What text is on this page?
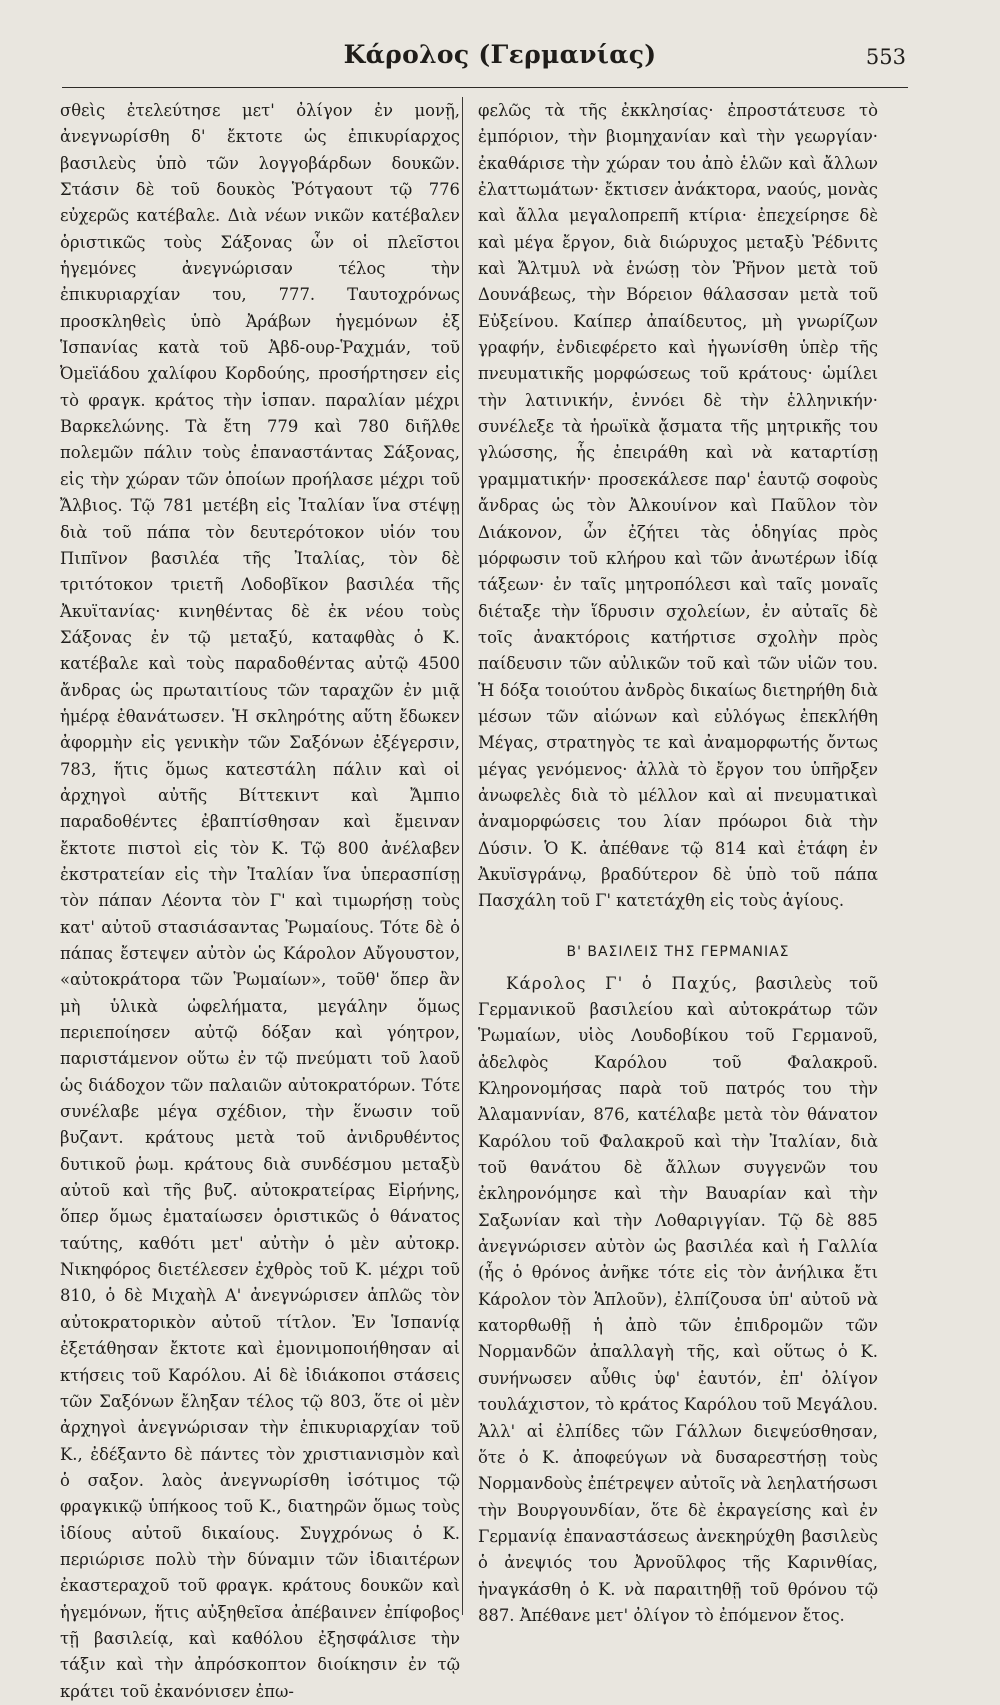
Κάρολος (Γερμανίας)	553

σθεὶς ἐτελεύτησε μετ' ὀλίγον ἐν μονῇ, ἀνεγνωρίσθη δ' ἔκτοτε ὡς ἐπικυρίαρχος βασιλεὺς ὑπὸ τῶν λογγοβάρδων δουκῶν. Στάσιν δὲ τοῦ δουκὸς Ῥότγαουτ τῷ 776 εὐχερῶς κατέβαλε. Διὰ νέων νικῶν κατέβαλεν ὁριστικῶς τοὺς Σάξονας ὧν οἱ πλεῖστοι ἡγεμόνες ἀνεγνώρισαν τέλος τὴν ἐπικυριαρχίαν του, 777. Ταυτοχρόνως προσκληθεὶς ὑπὸ Ἀράβων ἡγεμόνων ἐξ Ἱσπανίας κατὰ τοῦ Ἀβδ-ουρ-Ῥαχμάν, τοῦ Ὀμεϊάδου χαλίφου Κορδούης, προσήρτησεν εἰς τὸ φραγκ. κράτος τὴν ἱσπαν. παραλίαν μέχρι Βαρκελώνης. Τὰ ἔτη 779 καὶ 780 διῆλθε πολεμῶν πάλιν τοὺς ἐπαναστάντας Σάξονας, εἰς τὴν χώραν τῶν ὁποίων προήλασε μέχρι τοῦ Ἄλβιος. Τῷ 781 μετέβη εἰς Ἰταλίαν ἵνα στέψῃ διὰ τοῦ πάπα τὸν δευτερότοκον υἱόν του Πιπῖνον βασιλέα τῆς Ἰταλίας, τὸν δὲ τριτότοκον τριετῆ Λοδοβῖκον βασιλέα τῆς Ἀκυϊτανίας· κινηθέντας δὲ ἐκ νέου τοὺς Σάξονας ἐν τῷ μεταξύ, καταφθὰς ὁ Κ. κατέβαλε καὶ τοὺς παραδοθέντας αὐτῷ 4500 ἄνδρας ὡς πρωταιτίους τῶν ταραχῶν ἐν μιᾷ ἡμέρᾳ ἐθανάτωσεν. Ἡ σκληρότης αὕτη ἔδωκεν ἀφορμὴν εἰς γενικὴν τῶν Σαξόνων ἐξέγερσιν, 783, ἥτις ὅμως κατεστάλη πάλιν καὶ οἱ ἀρχηγοὶ αὐτῆς Βίττεκιντ καὶ Ἄμπιο παραδοθέντες ἐβαπτίσθησαν καὶ ἔμειναν ἔκτοτε πιστοὶ εἰς τὸν Κ. Τῷ 800 ἀνέλαβεν ἐκστρατείαν εἰς τὴν Ἰταλίαν ἵνα ὑπερασπίσῃ τὸν πάπαν Λέοντα τὸν Γ' καὶ τιμωρήσῃ τοὺς κατ' αὐτοῦ στασιάσαντας Ῥωμαίους. Τότε δὲ ὁ πάπας ἔστεψεν αὐτὸν ὡς Κάρολον Αὔγουστον, «αὐτοκράτορα τῶν Ῥωμαίων», τοῦθ' ὅπερ ἂν μὴ ὑλικὰ ὠφελήματα, μεγάλην ὅμως περιεποίησεν αὐτῷ δόξαν καὶ γόητρον, παριστάμενον οὕτω ἐν τῷ πνεύματι τοῦ λαοῦ ὡς διάδοχον τῶν παλαιῶν αὐτοκρατόρων. Τότε συνέλαβε μέγα σχέδιον, τὴν ἕνωσιν τοῦ βυζαντ. κράτους μετὰ τοῦ ἀνιδρυθέντος δυτικοῦ ῥωμ. κράτους διὰ συνδέσμου μεταξὺ αὐτοῦ καὶ τῆς βυζ. αὐτοκρατείρας Εἰρήνης, ὅπερ ὅμως ἐματαίωσεν ὁριστικῶς ὁ θάνατος ταύτης, καθότι μετ' αὐτὴν ὁ μὲν αὐτοκρ. Νικηφόρος διετέλεσεν ἐχθρὸς τοῦ Κ. μέχρι τοῦ 810, ὁ δὲ Μιχαὴλ Α' ἀνεγνώρισεν ἁπλῶς τὸν αὐτοκρατορικὸν αὐτοῦ τίτλον. Ἐν Ἱσπανίᾳ ἐξετάθησαν ἔκτοτε καὶ ἐμονιμοποιήθησαν αἱ κτήσεις τοῦ Καρόλου. Αἱ δὲ ἰδιάκοποι στάσεις τῶν Σαξόνων ἔληξαν τέλος τῷ 803, ὅτε οἱ μὲν ἀρχηγοὶ ἀνεγνώρισαν τὴν ἐπικυριαρχίαν τοῦ Κ., ἐδέξαντο δὲ πάντες τὸν χριστιανισμὸν καὶ ὁ σαξον. λαὸς ἀνεγνωρίσθη ἰσότιμος τῷ φραγκικῷ ὑπήκοος τοῦ Κ., διατηρῶν ὅμως τοὺς ἰδίους αὐτοῦ δικαίους. Συγχρόνως ὁ Κ. περιώρισε πολὺ τὴν δύναμιν τῶν ἰδιαιτέρων ἐκαστεραχοῦ τοῦ φραγκ. κράτους δουκῶν καὶ ἡγεμόνων, ἥτις αὐξηθεῖσα ἀπέβαινεν ἐπίφοβος τῇ βασιλείᾳ, καὶ καθόλου ἐξησφάλισε τὴν τάξιν καὶ τὴν ἀπρόσκοπτον διοίκησιν ἐν τῷ κράτει τοῦ ἐκανόνισεν ἐπω-

φελῶς τὰ τῆς ἐκκλησίας· ἐπροστάτευσε τὸ ἐμπόριον, τὴν βιομηχανίαν καὶ τὴν γεωργίαν· ἐκαθάρισε τὴν χώραν του ἀπὸ ἑλῶν καὶ ἄλλων ἐλαττωμάτων· ἔκτισεν ἀνάκτορα, ναούς, μονὰς καὶ ἄλλα μεγαλοπρεπῆ κτίρια· ἐπεχείρησε δὲ καὶ μέγα ἔργον, διὰ διώρυχος μεταξὺ Ῥέδνιτς καὶ Ἄλτμυλ νὰ ἑνώσῃ τὸν Ῥῆνον μετὰ τοῦ Δουνάβεως, τὴν Βόρειον θάλασσαν μετὰ τοῦ Εὐξείνου. Καίπερ ἀπαίδευτος, μὴ γνωρίζων γραφήν, ἐνδιεφέρετο καὶ ἠγωνίσθη ὑπὲρ τῆς πνευματικῆς μορφώσεως τοῦ κράτους· ὡμίλει τὴν λατινικήν, ἐννόει δὲ τὴν ἑλληνικήν· συνέλεξε τὰ ἡρωϊκὰ ᾄσματα τῆς μητρικῆς του γλώσσης, ἧς ἐπειράθη καὶ νὰ καταρτίσῃ γραμματικήν· προσεκάλεσε παρ' ἑαυτῷ σοφοὺς ἄνδρας ὡς τὸν Ἀλκουίνον καὶ Παῦλον τὸν Διάκονον, ὧν ἐζήτει τὰς ὁδηγίας πρὸς μόρφωσιν τοῦ κλήρου καὶ τῶν ἀνωτέρων ἰδίᾳ τάξεων· ἐν ταῖς μητροπόλεσι καὶ ταῖς μοναῖς διέταξε τὴν ἵδρυσιν σχολείων, ἐν αὐταῖς δὲ τοῖς ἀνακτόροις κατήρτισε σχολὴν πρὸς παίδευσιν τῶν αὐλικῶν τοῦ καὶ τῶν υἱῶν του. Ἡ δόξα τοιούτου ἀνδρὸς δικαίως διετηρήθη διὰ μέσων τῶν αἰώνων καὶ εὐλόγως ἐπεκλήθη Μέγας, στρατηγὸς τε καὶ ἀναμορφωτής ὄντως μέγας γενόμενος· ἀλλὰ τὸ ἔργον του ὑπῆρξεν ἀνωφελὲς διὰ τὸ μέλλον καὶ αἱ πνευματικαὶ ἀναμορφώσεις του λίαν πρόωροι διὰ τὴν Δύσιν. Ὁ Κ. ἀπέθανε τῷ 814 καὶ ἐτάφη ἐν Ἀκυϊσγράνῳ, βραδύτερον δὲ ὑπὸ τοῦ πάπα Πασχάλη τοῦ Γ' κατετάχθη εἰς τοὺς ἁγίους.

Β' ΒΑΣΙΛΕΙΣ ΤΗΣ ΓΕΡΜΑΝΙΑΣ

Κάρολος Γ' ὁ Παχύς, βασιλεὺς τοῦ Γερμανικοῦ βασιλείου καὶ αὐτοκράτωρ τῶν Ῥωμαίων, υἱὸς Λουδοβίκου τοῦ Γερμανοῦ, ἀδελφὸς Καρόλου τοῦ Φαλακροῦ. Κληρονομήσας παρὰ τοῦ πατρός του τὴν Ἀλαμαννίαν, 876, κατέλαβε μετὰ τὸν θάνατον Καρόλου τοῦ Φαλακροῦ καὶ τὴν Ἰταλίαν, διὰ τοῦ θανάτου δὲ ἄλλων συγγενῶν του ἐκληρονόμησε καὶ τὴν Βαυαρίαν καὶ τὴν Σαξωνίαν καὶ τὴν Λοθαριγγίαν. Τῷ δὲ 885 ἀνεγνώρισεν αὐτὸν ὡς βασιλέα καὶ ἡ Γαλλία (ἧς ὁ θρόνος ἀνῆκε τότε εἰς τὸν ἀνήλικα ἔτι Κάρολον τὸν Ἁπλοῦν), ἐλπίζουσα ὑπ' αὐτοῦ νὰ κατορθωθῇ ἡ ἀπὸ τῶν ἐπιδρομῶν τῶν Νορμανδῶν ἀπαλλαγὴ τῆς, καὶ οὕτως ὁ Κ. συνήνωσεν αὖθις ὑφ' ἑαυτόν, ἐπ' ὀλίγον τουλάχιστον, τὸ κράτος Καρόλου τοῦ Μεγάλου. Ἀλλ' αἱ ἐλπίδες τῶν Γάλλων διεψεύσθησαν, ὅτε ὁ Κ. ἀποφεύγων νὰ δυσαρεστήσῃ τοὺς Νορμανδοὺς ἐπέτρεψεν αὐτοῖς νὰ λεηλατήσωσι τὴν Βουργουνδίαν, ὅτε δὲ ἐκραγείσης καὶ ἐν Γερμανίᾳ ἐπαναστάσεως ἀνεκηρύχθη βασιλεὺς ὁ ἀνεψιός του Ἀρνοῦλφος τῆς Καρινθίας, ἠναγκάσθη ὁ Κ. νὰ παραιτηθῇ τοῦ θρόνου τῷ 887. Ἀπέθανε μετ' ὀλίγον τὸ ἐπόμενον ἔτος.
